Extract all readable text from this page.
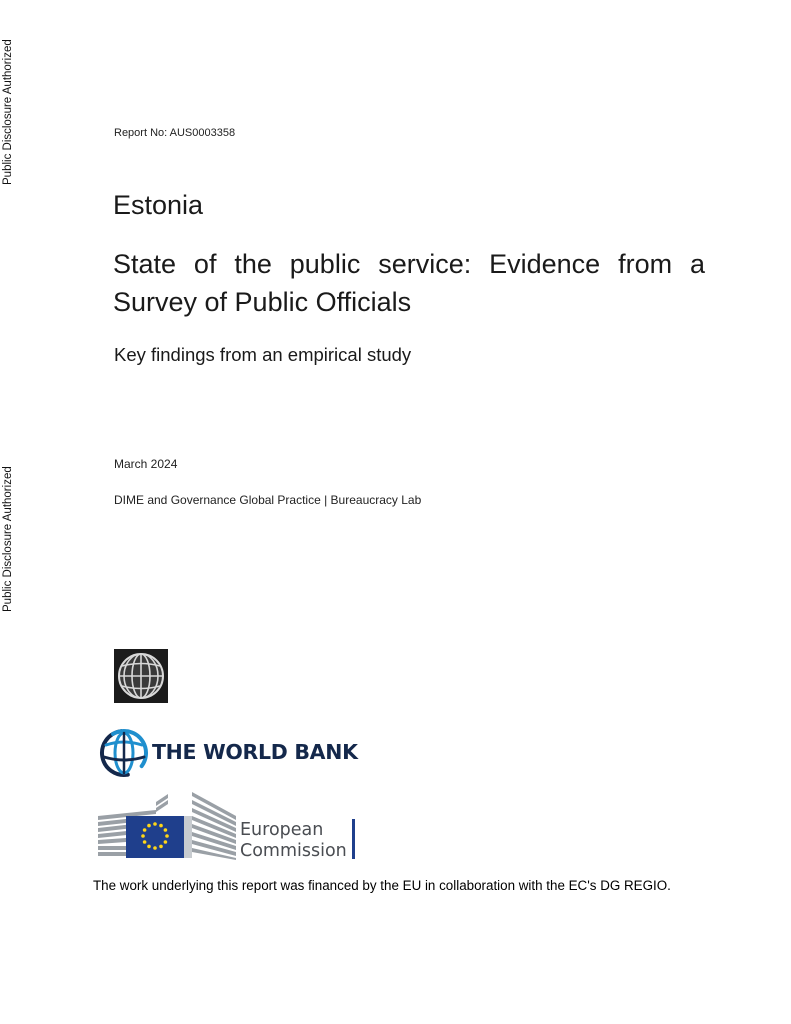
Public Disclosure Authorized
Public Disclosure Authorized
Report No: AUS0003358
Estonia
State of the public service: Evidence from a Survey of Public Officials
Key findings from an empirical study
March 2024
DIME and Governance Global Practice | Bureaucracy Lab
THE WORLD BANK
European
Commission
The work underlying this report was financed by the EU in collaboration with the EC's DG REGIO.
